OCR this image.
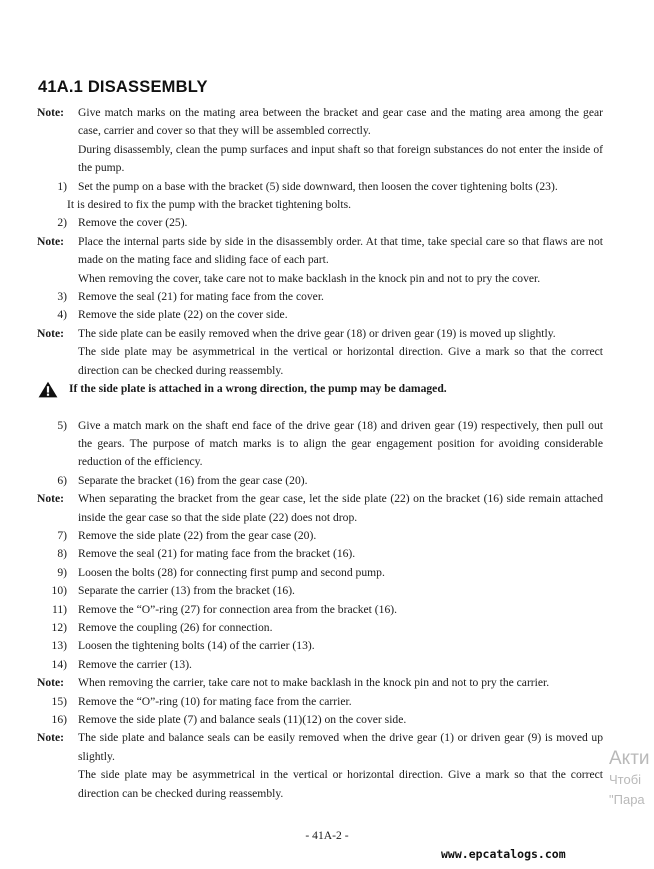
41A.1 DISASSEMBLY
Note:	Give match marks on the mating area between the bracket and gear case and the mating area among the gear case, carrier and cover so that they will be assembled correctly.

During disassembly, clean the pump surfaces and input shaft so that foreign substances do not enter the inside of the pump.

1) Set the pump on a base with the bracket (5) side downward, then loosen the cover tightening bolts (23).

It is desired to fix the pump with the bracket tightening bolts.

2) Remove the cover (25).

Note:	Place the internal parts side by side in the disassembly order. At that time, take special care so that flaws are not made on the mating face and sliding face of each part.

When removing the cover, take care not to make backlash in the knock pin and not to pry the cover.

3) Remove the seal (21) for mating face from the cover.

4) Remove the side plate (22) on the cover side.

Note:	The side plate can be easily removed when the drive gear (18) or driven gear (19) is moved up slightly.

The side plate may be asymmetrical in the vertical or horizontal direction. Give a mark so that the correct direction can be checked during reassembly.

If the side plate is attached in a wrong direction, the pump may be damaged.
5) Give a match mark on the shaft end face of the drive gear (18) and driven gear (19) respectively, then pull out the gears. The purpose of match marks is to align the gear engagement position for avoiding considerable reduction of the efficiency.

6) Separate the bracket (16) from the gear case (20).

Note:	When separating the bracket from the gear case, let the side plate (22) on the bracket (16) side remain attached inside the gear case so that the side plate (22) does not drop.

7) Remove the side plate (22) from the gear case (20).

8) Remove the seal (21) for mating face from the bracket (16).

9) Loosen the bolts (28) for connecting first pump and second pump.

10) Separate the carrier (13) from the bracket (16).

11) Remove the “O”-ring (27) for connection area from the bracket (16).

12) Remove the coupling (26) for connection.

13) Loosen the tightening bolts (14) of the carrier (13).

14) Remove the carrier (13).

Note:	When removing the carrier, take care not to make backlash in the knock pin and not to pry the carrier.

15) Remove the “O”-ring (10) for mating face from the carrier.

16) Remove the side plate (7) and balance seals (11)(12) on the cover side.

Note:	The side plate and balance seals can be easily removed when the drive gear (1) or driven gear (9) is moved up slightly.

The side plate may be asymmetrical in the vertical or horizontal direction. Give a mark so that the correct direction can be checked during reassembly.

- 41A-2 -
www.epcatalogs.com
Акти
Чтобі
"Пара
